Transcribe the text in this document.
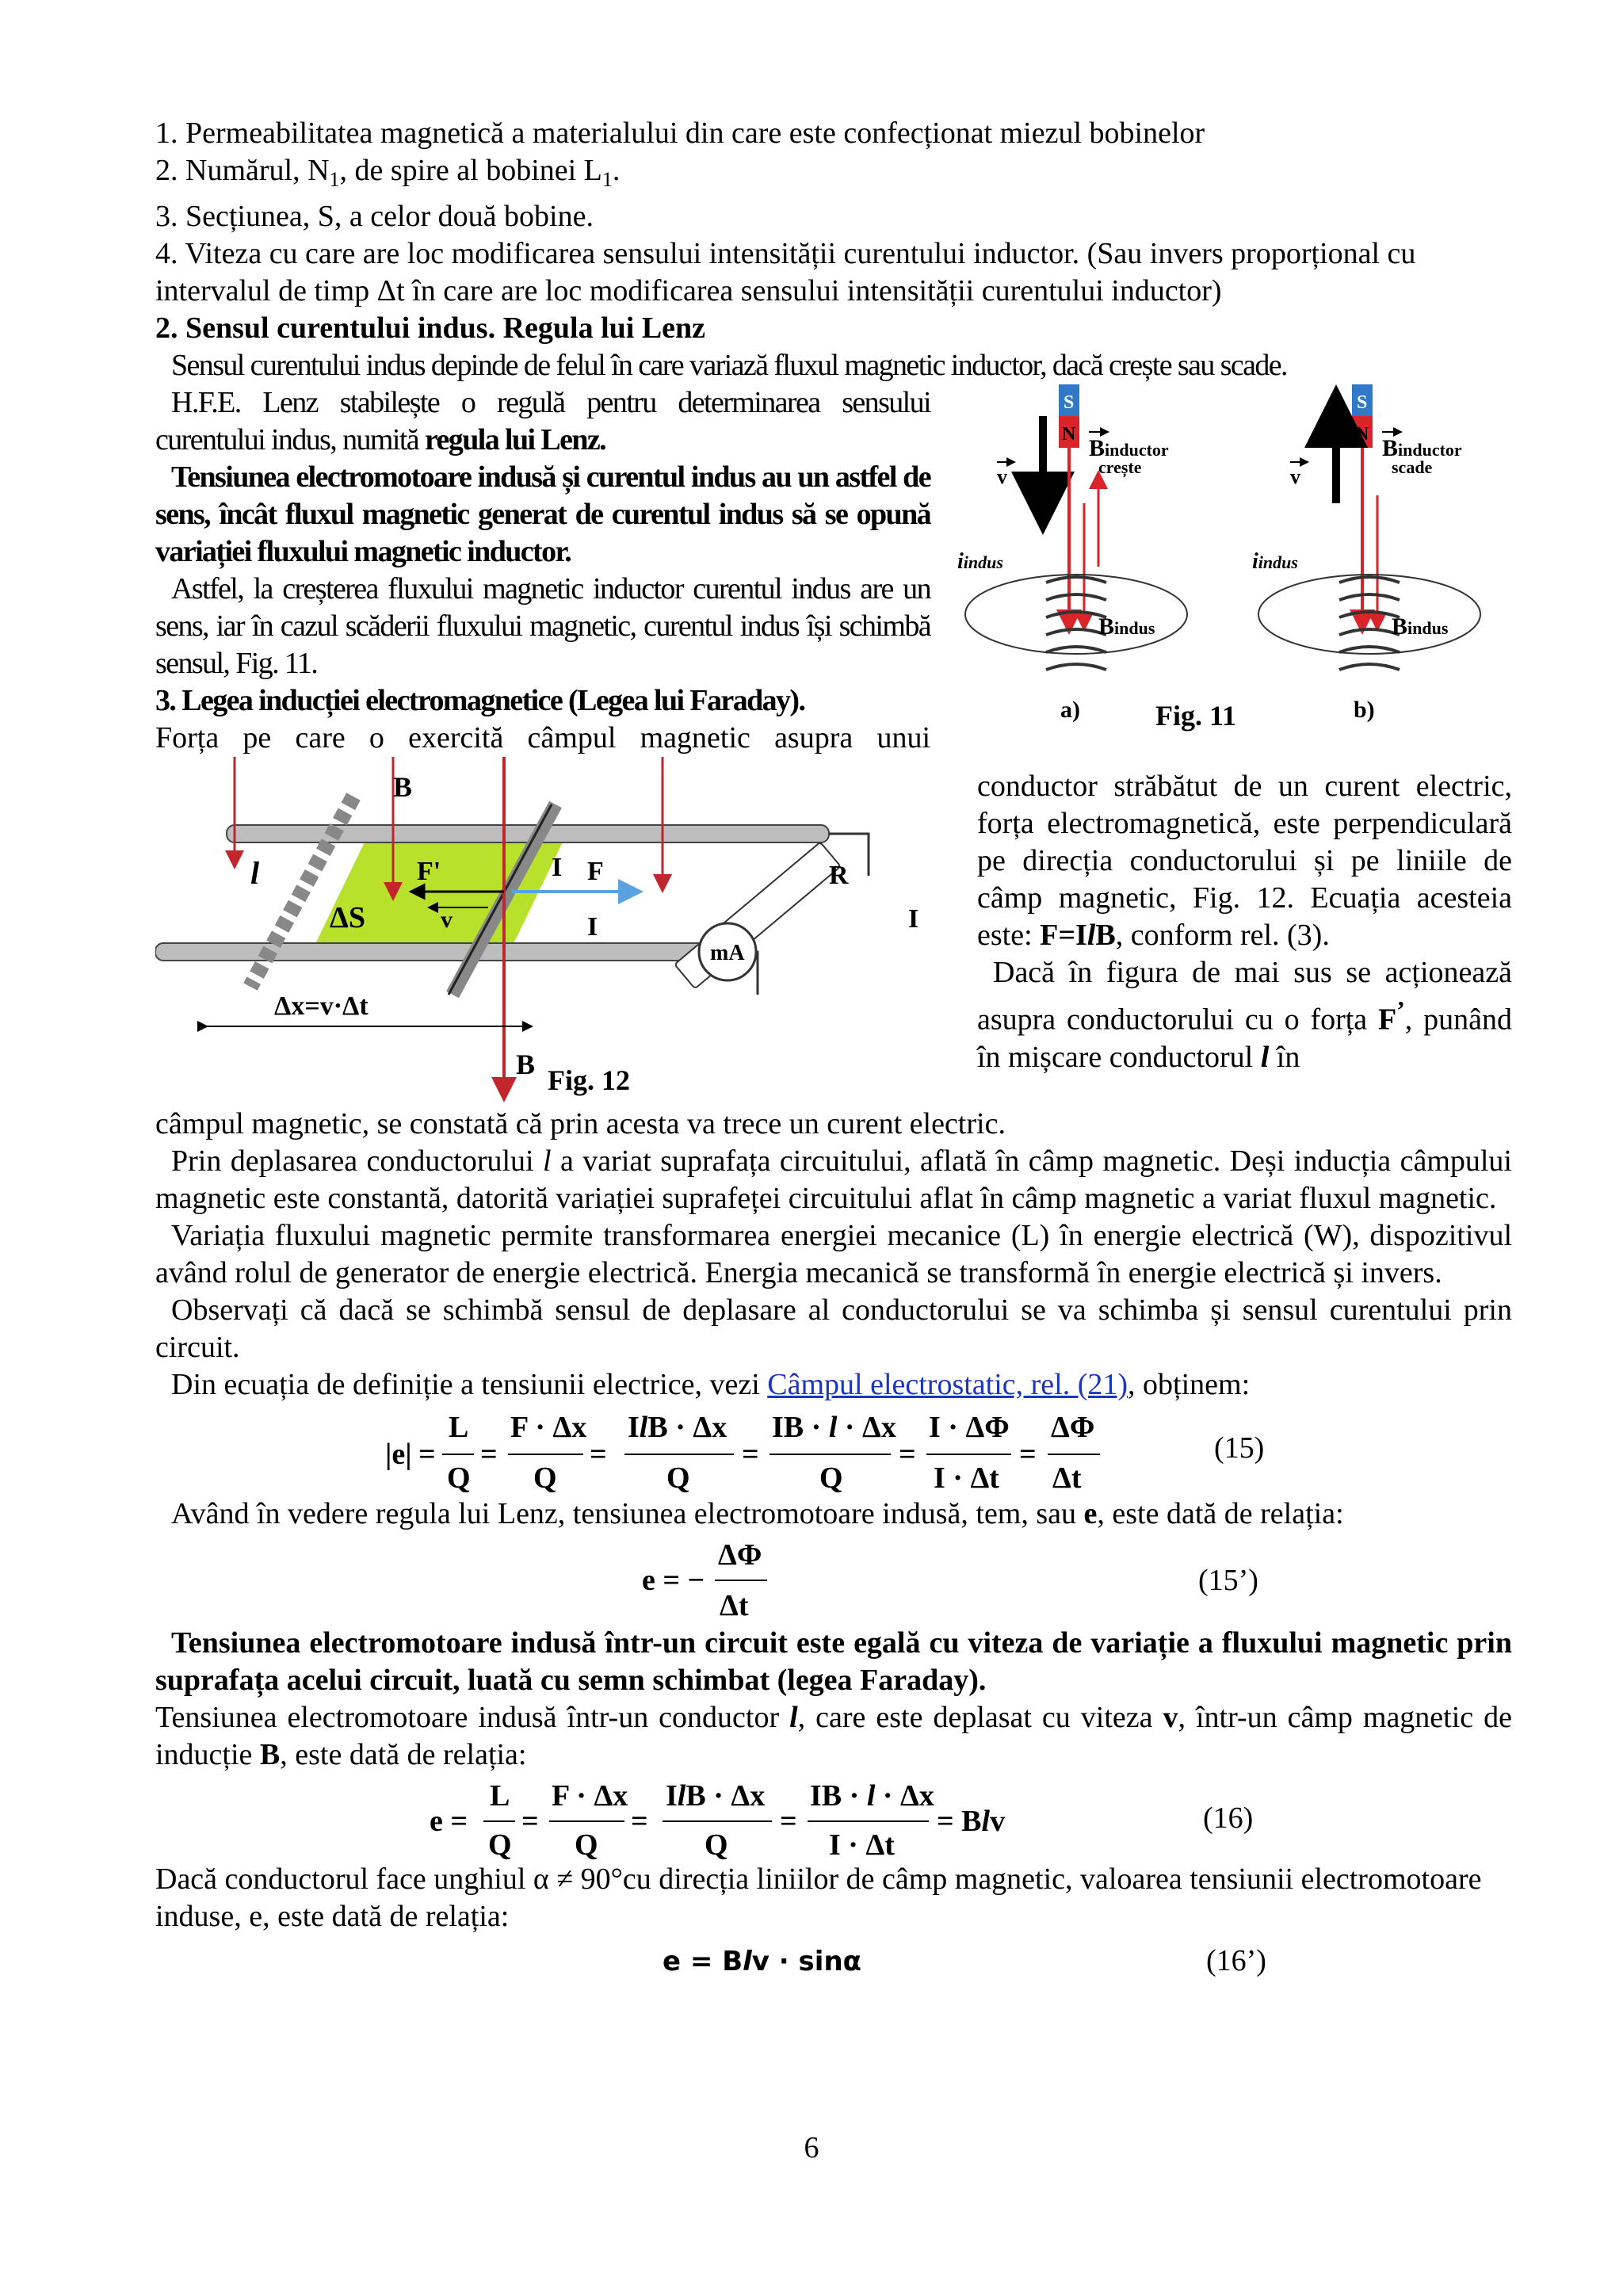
1. Permeabilitatea magnetică a materialului din care este confecționat miezul bobinelor

2. Numărul, $N_1$, de spire al bobinei $L_1$.

3. Secțiunea, S, a celor două bobine.

4. Viteza cu care are loc modificarea sensului intensității curentului inductor. (Sau invers proporțional cu intervalul de timp Δt în care are loc modificarea sensului intensității curentului inductor)

2. Sensul curentului indus. Regula lui Lenz

Sensul curentului indus depinde de felul în care variază fluxul magnetic inductor, dacă crește sau scade.

H.F.E. Lenz stabilește o regulă pentru determinarea sensului curentului indus, numită regula lui Lenz.

Tensiunea electromotoare indusă și curentul indus au un astfel de sens, încât fluxul magnetic generat de curentul indus să se opună variației fluxului magnetic inductor.

Astfel, la creșterea fluxului magnetic inductor curentul indus are un sens, iar în cazul scăderii fluxului magnetic, curentul indus își schimbă sensul, Fig. 11.

3. Legea inducției electromagnetice (Legea lui Faraday).

Forța pe care o exercită câmpul magnetic asupra unui

S
N
v
Binductor
crește
iindus
Bindus
a)
S
N
v
Binductor
scade
iindus
Bindus
b)
Fig. 11
mA
B
B
l
ΔS
F'
v
I F
I
R
I
Δx=v·Δt
Fig. 12

conductor străbătut de un curent electric, forța electromagnetică, este perpendiculară pe direcția conductorului și pe liniile de câmp magnetic, Fig. 12. Ecuația acesteia este: F=IlB, conform rel. (3).

Dacă în figura de mai sus se acționează asupra conductorului cu o forța F’, punând în mișcare conductorul l în

câmpul magnetic, se constată că prin acesta va trece un curent electric.

Prin deplasarea conductorului l a variat suprafața circuitului, aflată în câmp magnetic. Deși inducția câmpului magnetic este constantă, datorită variației suprafeței circuitului aflat în câmp magnetic a variat fluxul magnetic.

Variația fluxului magnetic permite transformarea energiei mecanice (L) în energie electrică (W), dispozitivul având rolul de generator de energie electrică. Energia mecanică se transformă în energie electrică și invers.

Observați că dacă se schimbă sensul de deplasare al conductorului se va schimba și sensul curentului prin circuit.

Din ecuația de definiție a tensiunii electrice, vezi Câmpul electrostatic, rel. (21), obținem:

|e| =
L
Q
=
F · Δx
Q
=
IlB · Δx
Q
=
IB · l · Δx
Q
=
I · ΔΦ
I · Δt
=
ΔΦ
Δt
(15)

Având în vedere regula lui Lenz, tensiunea electromotoare indusă, tem, sau e, este dată de relația:

e = −
ΔΦ
Δt
(15’)

Tensiunea electromotoare indusă într-un circuit este egală cu viteza de variație a fluxului magnetic prin suprafața acelui circuit, luată cu semn schimbat (legea Faraday).

Tensiunea electromotoare indusă într-un conductor l, care este deplasat cu viteza v, într-un câmp magnetic de inducție B, este dată de relația:

e =
L
Q
=
F · Δx
Q
=
IlB · Δx
Q
=
IB · l · Δx
I · Δt
= Blv	(16)

Dacă conductorul face unghiul α ≠ 90°cu direcția liniilor de câmp magnetic, valoarea tensiunii electromotoare induse, e, este dată de relația:

e = Blv · sinα	(16’)
6
